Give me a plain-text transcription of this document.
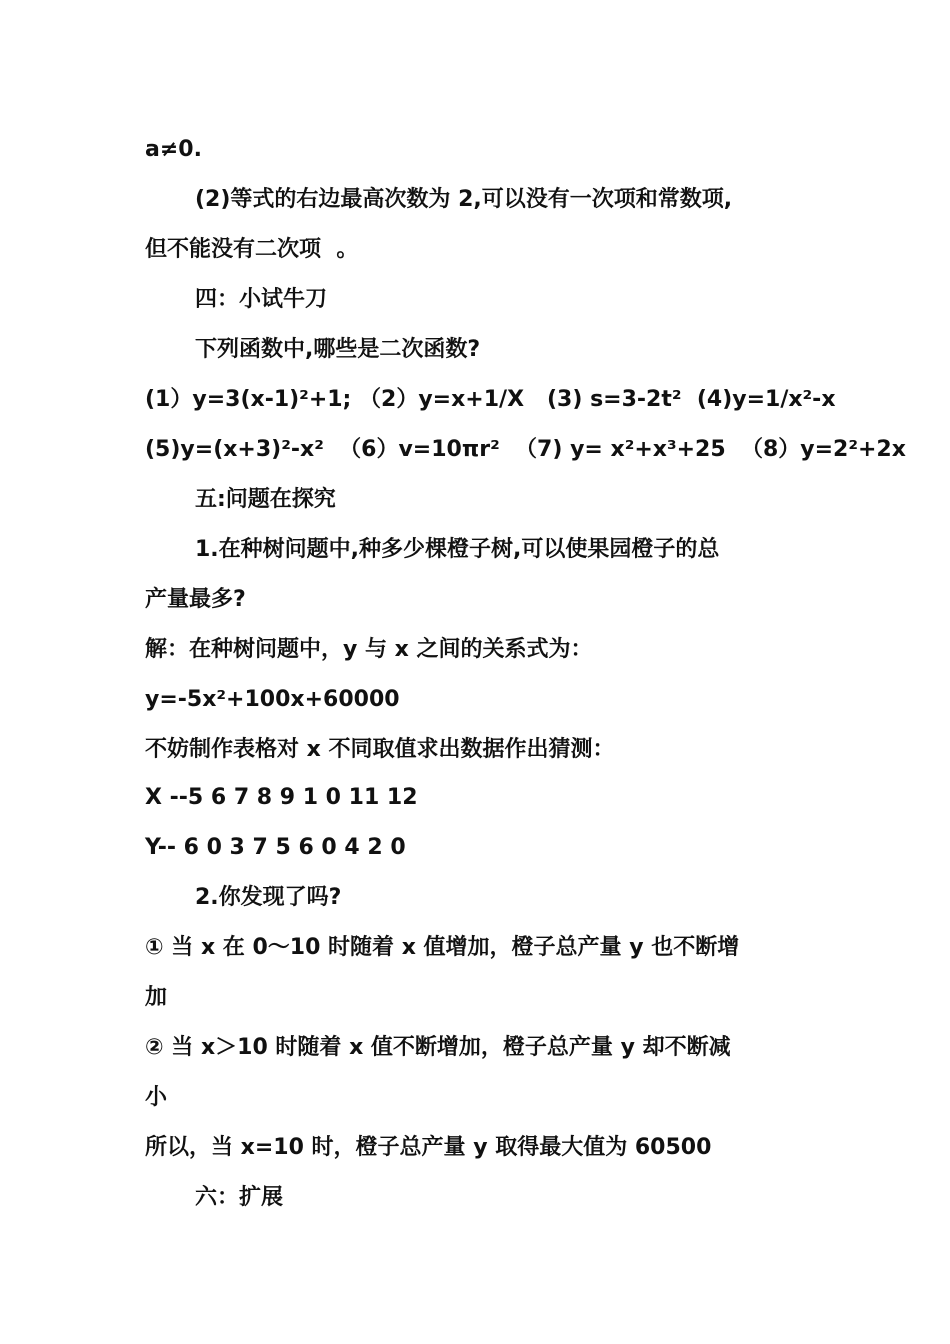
a≠0.
(2)等式的右边最高次数为 2,可以没有一次项和常数项,
但不能没有二次项  。
四：小试牛刀
下列函数中,哪些是二次函数?
(1）y=3(x-1)²+1; （2）y=x+1/X   (3) s=3-2t²  (4)y=1/x²-x
(5)y=(x+3)²-x²  （6）v=10πr²  （7) y= x²+x³+25  （8）y=2²+2x
五:问题在探究
1.在种树问题中,种多少棵橙子树,可以使果园橙子的总
产量最多?
解：在种树问题中，y 与 x 之间的关系式为：
y=-5x²+100x+60000
不妨制作表格对 x 不同取值求出数据作出猜测：
X --5 6 7 8 9 1 0 11 12
Y-- 6 0 3 7 5 6 0 4 2 0
2.你发现了吗?
① 当 x 在 0～10 时随着 x 值增加，橙子总产量 y 也不断增
加
② 当 x＞10 时随着 x 值不断增加，橙子总产量 y 却不断减
小
所以，当 x=10 时，橙子总产量 y 取得最大值为 60500
六：扩展
